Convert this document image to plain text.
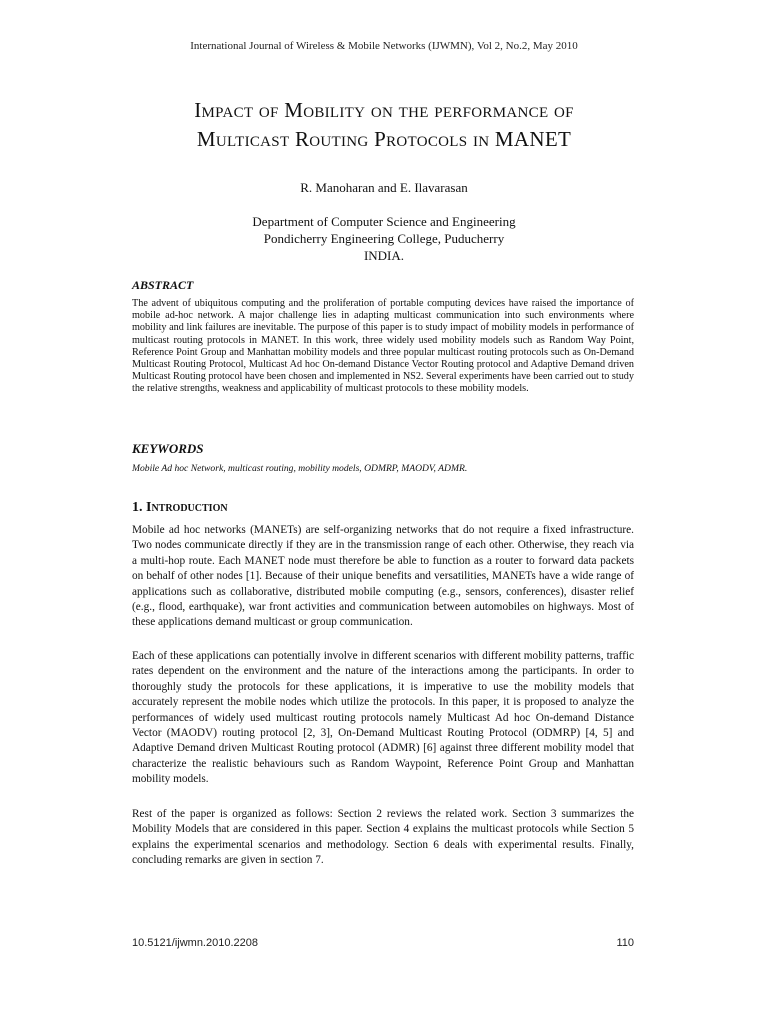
International Journal of Wireless & Mobile Networks (IJWMN), Vol 2, No.2, May 2010
Impact of Mobility on the performance of
Multicast Routing Protocols in MANET
R. Manoharan and E. Ilavarasan
Department of Computer Science and Engineering
Pondicherry Engineering College, Puducherry
INDIA.
ABSTRACT
The advent of ubiquitous computing and the proliferation of portable computing devices have raised the importance of mobile ad-hoc network. A major challenge lies in adapting multicast communication into such environments where mobility and link failures are inevitable. The purpose of this paper is to study impact of mobility models in performance of multicast routing protocols in MANET. In this work, three widely used mobility models such as Random Way Point, Reference Point Group and Manhattan mobility models and three popular multicast routing protocols such as On-Demand Multicast Routing Protocol, Multicast Ad hoc On-demand Distance Vector Routing protocol and Adaptive Demand driven Multicast Routing protocol have been chosen and implemented in NS2. Several experiments have been carried out to study the relative strengths, weakness and applicability of multicast protocols to these mobility models.
KEYWORDS
Mobile Ad hoc Network, multicast routing, mobility models, ODMRP, MAODV, ADMR.
1. Introduction
Mobile ad hoc networks (MANETs) are self-organizing networks that do not require a fixed infrastructure. Two nodes communicate directly if they are in the transmission range of each other. Otherwise, they reach via a multi-hop route. Each MANET node must therefore be able to function as a router to forward data packets on behalf of other nodes [1]. Because of their unique benefits and versatilities, MANETs have a wide range of applications such as collaborative, distributed mobile computing (e.g., sensors, conferences), disaster relief (e.g., flood, earthquake), war front activities and communication between automobiles on highways. Most of these applications demand multicast or group communication.
Each of these applications can potentially involve in different scenarios with different mobility patterns, traffic rates dependent on the environment and the nature of the interactions among the participants. In order to thoroughly study the protocols for these applications, it is imperative to use the mobility models that accurately represent the mobile nodes which utilize the protocols. In this paper, it is proposed to analyze the performances of widely used multicast routing protocols namely Multicast Ad hoc On-demand Distance Vector (MAODV) routing protocol [2, 3], On-Demand Multicast Routing Protocol (ODMRP) [4, 5] and Adaptive Demand driven Multicast Routing protocol (ADMR) [6] against three different mobility model that characterize the realistic behaviours such as Random Waypoint, Reference Point Group and Manhattan mobility models.
Rest of the paper is organized as follows: Section 2 reviews the related work. Section 3 summarizes the Mobility Models that are considered in this paper. Section 4 explains the multicast protocols while Section 5 explains the experimental scenarios and methodology. Section 6 deals with experimental results. Finally, concluding remarks are given in section 7.
10.5121/ijwmn.2010.2208	110
